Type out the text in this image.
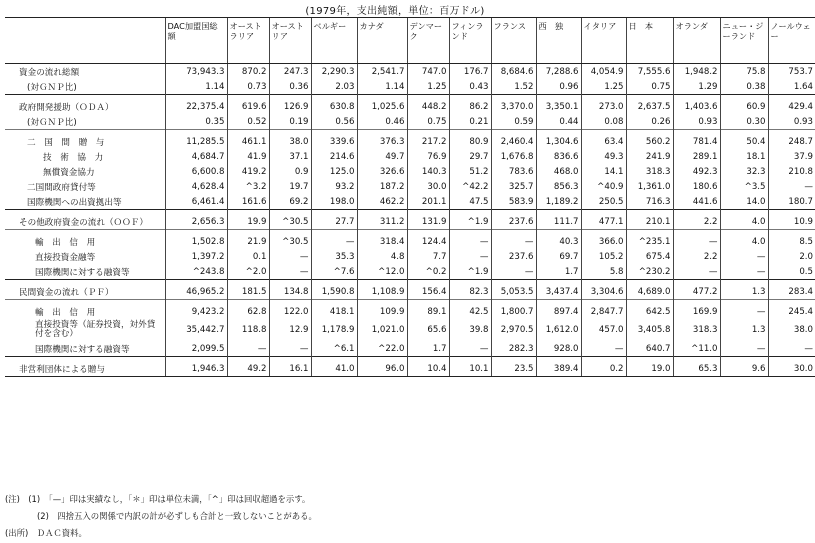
(1979年，支出純額，単位：百万ドル)
	DAC加盟国総額	オーストラリア	オーストリア	ベルギー	カナダ	デンマーク	フィンランド	フランス	西　独	イタリア	日　本	オランダ	ニュー・ジーランド	ノールウェー
資金の流れ総額	73,943.3	870.2	247.3	2,290.3	2,541.7	747.0	176.7	8,684.6	7,288.6	4,054.9	7,555.6	1,948.2	75.8	753.7
(対ＧＮＰ比)	1.14	0.73	0.36	2.03	1.14	1.25	0.43	1.52	0.96	1.25	0.75	1.29	0.38	1.64

政府開発援助（ＯＤＡ）	22,375.4	619.6	126.9	630.8	1,025.6	448.2	86.2	3,370.0	3,350.1	273.0	2,637.5	1,403.6	60.9	429.4
(対ＧＮＰ比)	0.35	0.52	0.19	0.56	0.46	0.75	0.21	0.59	0.44	0.08	0.26	0.93	0.30	0.93

二　国　間　贈　与	11,285.5	461.1	38.0	339.6	376.3	217.2	80.9	2,460.4	1,304.6	63.4	560.2	781.4	50.4	248.7
技　術　協　力	4,684.7	41.9	37.1	214.6	49.7	76.9	29.7	1,676.8	836.6	49.3	241.9	289.1	18.1	37.9
無償資金協力	6,600.8	419.2	0.9	125.0	326.6	140.3	51.2	783.6	468.0	14.1	318.3	492.3	32.3	210.8
二国間政府貸付等	4,628.4	^3.2	19.7	93.2	187.2	30.0	^42.2	325.7	856.3	^40.9	1,361.0	180.6	^3.5	—
国際機関への出資拠出等	6,461.4	161.6	69.2	198.0	462.2	201.1	47.5	583.9	1,189.2	250.5	716.3	441.6	14.0	180.7

その他政府資金の流れ（ＯＯＦ）	2,656.3	19.9	^30.5	27.7	311.2	131.9	^1.9	237.6	111.7	477.1	210.1	2.2	4.0	10.9

輸　出　信　用	1,502.8	21.9	^30.5	—	318.4	124.4	—	—	40.3	366.0	^235.1	—	4.0	8.5
直接投資金融等	1,397.2	0.1	—	35.3	4.8	7.7	—	237.6	69.7	105.2	675.4	2.2	—	2.0
国際機関に対する融資等	^243.8	^2.0	—	^7.6	^12.0	^0.2	^1.9	—	1.7	5.8	^230.2	—	—	0.5

民間資金の流れ（ＰＦ）	46,965.2	181.5	134.8	1,590.8	1,108.9	156.4	82.3	5,053.5	3,437.4	3,304.6	4,689.0	477.2	1.3	283.4

輸　出　信　用	9,423.2	62.8	122.0	418.1	109.9	89.1	42.5	1,800.7	897.4	2,847.7	642.5	169.9	—	245.4
直接投資等（証券投資，対外貸付を含む）	35,442.7	118.8	12.9	1,178.9	1,021.0	65.6	39.8	2,970.5	1,612.0	457.0	3,405.8	318.3	1.3	38.0
国際機関に対する融資等	2,099.5	—	—	^6.1	^22.0	1.7	—	282.3	928.0	—	640.7	^11.0	—	—

非営利団体による贈与	1,946.3	49.2	16.1	41.0	96.0	10.4	10.1	23.5	389.4	0.2	19.0	65.3	9.6	30.0
(注)　(1)　「—」印は実績なし，「＊」印は単位未満，「^」印は回収超過を示す。
(2)　四捨五入の関係で内訳の計が必ずしも合計と一致しないことがある。
(出所)　ＤＡＣ資料。
